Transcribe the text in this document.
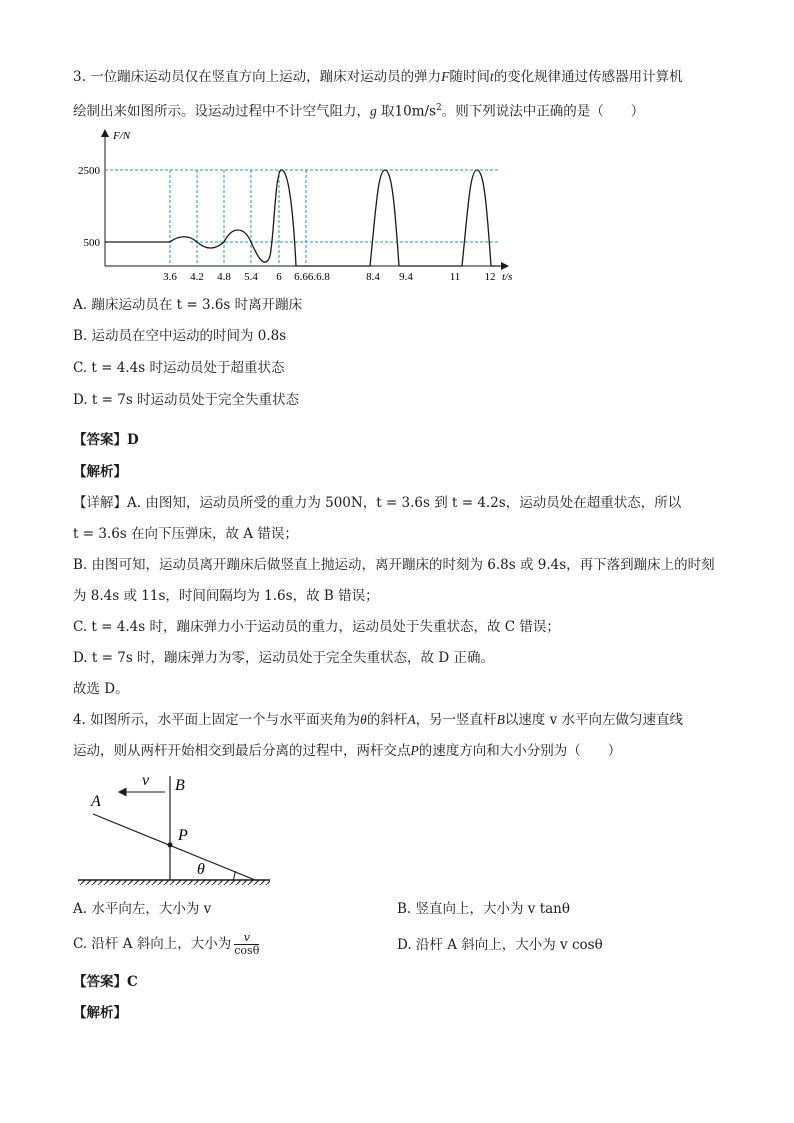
3. 一位蹦床运动员仅在竖直方向上运动，蹦床对运动员的弹力F随时间t的变化规律通过传感器用计算机
绘制出来如图所示。设运动过程中不计空气阻力，g 取$10m/s^2$。则下列说法中正确的是（　　）
2500
500
F/N
3.6 4.2 4.8 5.4 6 6.66.6.8	8.4 9.4	11 12 t/s
A. 蹦床运动员在 t = 3.6s 时离开蹦床
B. 运动员在空中运动的时间为 0.8s
C. t = 4.4s 时运动员处于超重状态
D. t = 7s 时运动员处于完全失重状态
【答案】D
【解析】
【详解】A. 由图知，运动员所受的重力为 500N，t = 3.6s 到 t = 4.2s，运动员处在超重状态，所以
t = 3.6s 在向下压弹床，故 A 错误；
B. 由图可知，运动员离开蹦床后做竖直上抛运动，离开蹦床的时刻为 6.8s 或 9.4s，再下落到蹦床上的时刻
为 8.4s 或 11s，时间间隔均为 1.6s，故 B 错误；
C. t = 4.4s 时，蹦床弹力小于运动员的重力，运动员处于失重状态，故 C 错误；
D. t = 7s 时，蹦床弹力为零，运动员处于完全失重状态，故 D 正确。
故选 D。
4. 如图所示，水平面上固定一个与水平面夹角为θ的斜杆A，另一竖直杆B以速度 v 水平向左做匀速直线
运动，则从两杆开始相交到最后分离的过程中，两杆交点P的速度方向和大小分别为（　　）
v B
A
P
θ
A. 水平向左，大小为 v	B. 竖直向上，大小为 v tanθ
C. 沿杆 A 斜向上，大小为 $\frac{v}{\cos\theta}$	D. 沿杆 A 斜向上，大小为 v cosθ
【答案】C
【解析】
